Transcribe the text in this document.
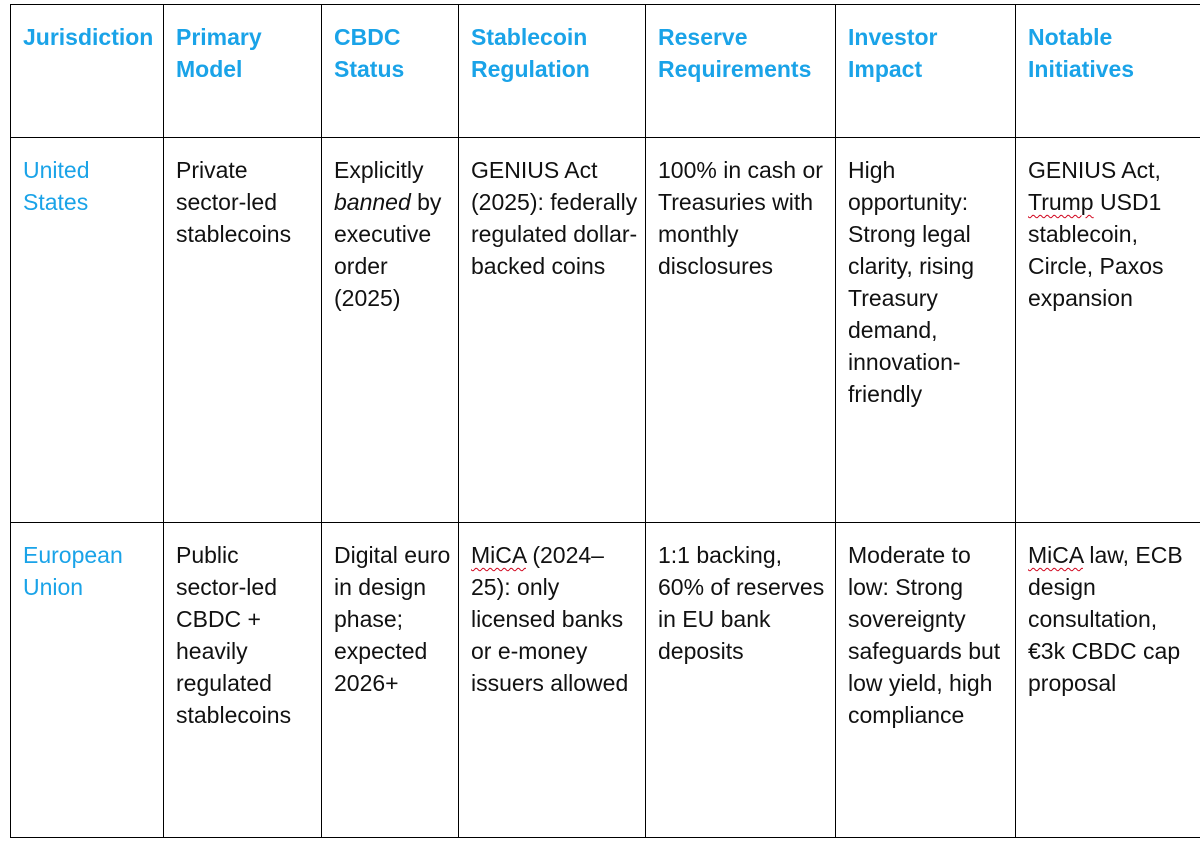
Jurisdiction	Primary Model	CBDC Status	Stablecoin Regulation	Reserve Requirements	Investor Impact	Notable Initiatives
United States	Private sector-led stablecoins	Explicitly banned by executive order (2025)	GENIUS Act (2025): federally regulated dollar-backed coins	100% in cash or Treasuries with monthly disclosures	High opportunity: Strong legal clarity, rising Treasury demand, innovation-friendly	GENIUS Act, Trump USD1 stablecoin, Circle, Paxos expansion
European Union	Public sector-led CBDC + heavily regulated stablecoins	Digital euro in design phase; expected 2026+	MiCA (2024–25): only licensed banks or e-money issuers allowed	1:1 backing, 60% of reserves in EU bank deposits	Moderate to low: Strong sovereignty safeguards but low yield, high compliance	MiCA law, ECB design consultation, €3k CBDC cap proposal
